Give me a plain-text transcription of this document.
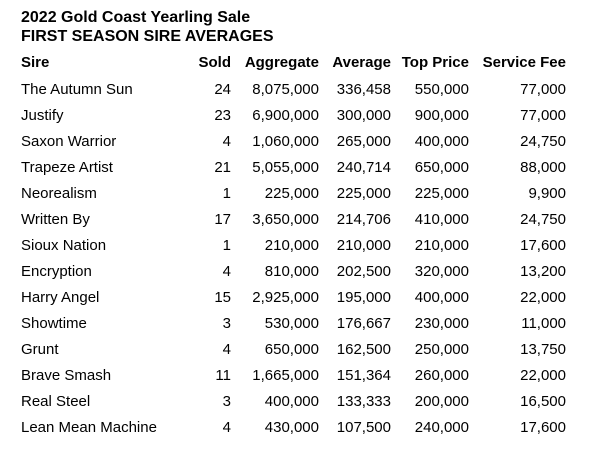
2022 Gold Coast Yearling Sale
FIRST SEASON SIRE AVERAGES
Sire	Sold	Aggregate	Average	Top Price	Service Fee
The Autumn Sun	24	8,075,000	336,458	550,000	77,000
Justify	23	6,900,000	300,000	900,000	77,000
Saxon Warrior	4	1,060,000	265,000	400,000	24,750
Trapeze Artist	21	5,055,000	240,714	650,000	88,000
Neorealism	1	225,000	225,000	225,000	9,900
Written By	17	3,650,000	214,706	410,000	24,750
Sioux Nation	1	210,000	210,000	210,000	17,600
Encryption	4	810,000	202,500	320,000	13,200
Harry Angel	15	2,925,000	195,000	400,000	22,000
Showtime	3	530,000	176,667	230,000	11,000
Grunt	4	650,000	162,500	250,000	13,750
Brave Smash	11	1,665,000	151,364	260,000	22,000
Real Steel	3	400,000	133,333	200,000	16,500
Lean Mean Machine	4	430,000	107,500	240,000	17,600
